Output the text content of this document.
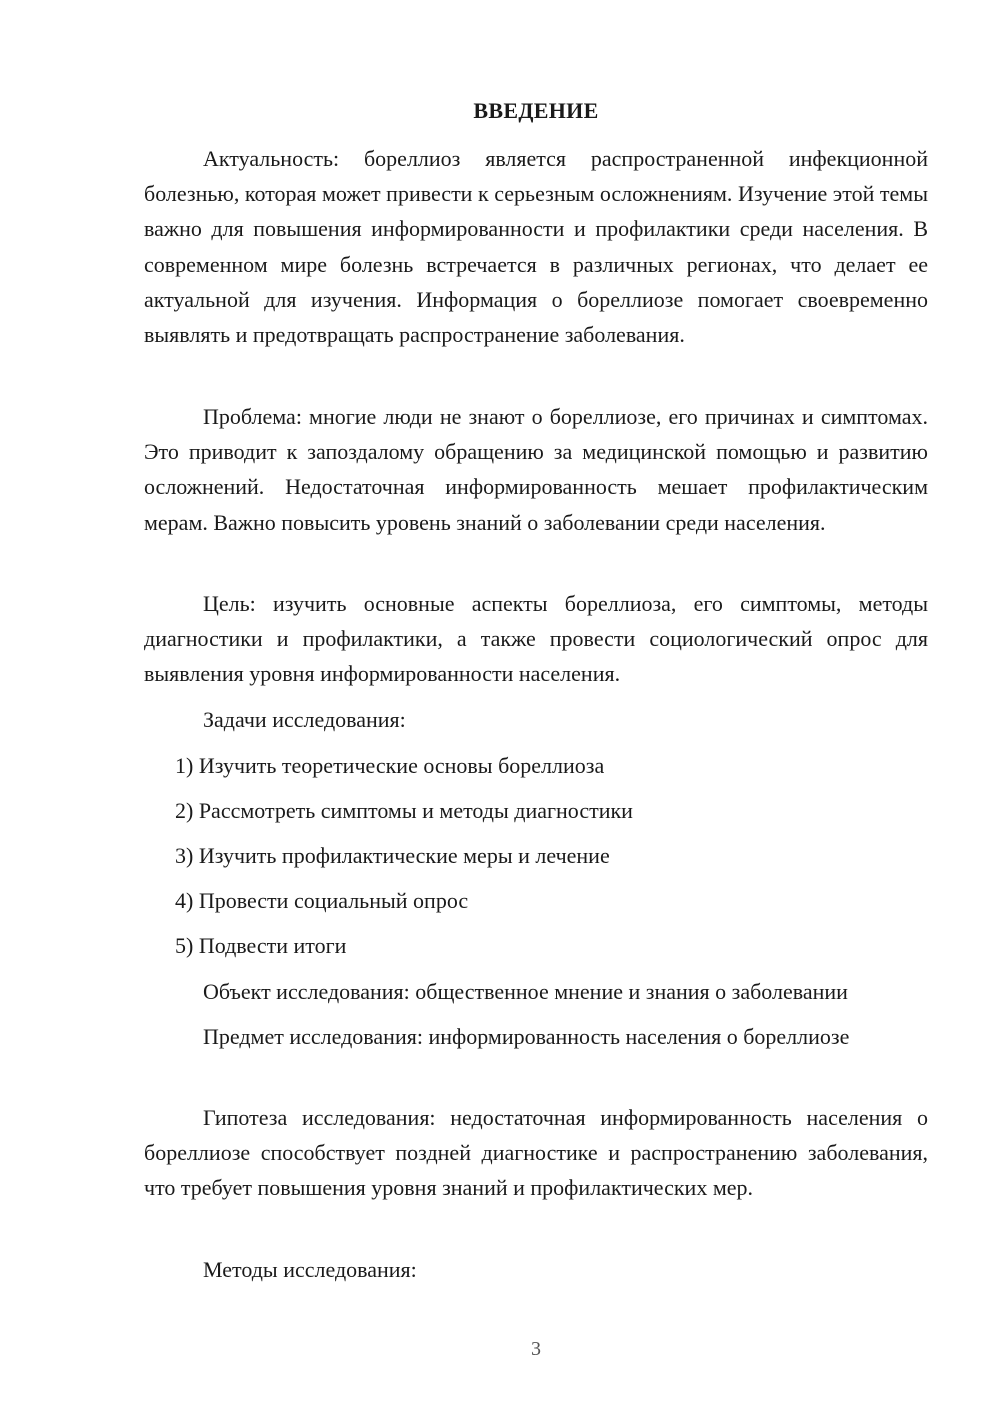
ВВЕДЕНИЕ

Актуальность: бореллиоз является распространенной инфекционной болезнью, которая может привести к серьезным осложнениям. Изучение этой темы важно для повышения информированности и профилактики среди населения. В современном мире болезнь встречается в различных регионах, что делает ее актуальной для изучения. Информация о бореллиозе помогает своевременно выявлять и предотвращать распространение заболевания.

Проблема: многие люди не знают о бореллиозе, его причинах и симптомах. Это приводит к запоздалому обращению за медицинской помощью и развитию осложнений. Недостаточная информированность мешает профилактическим мерам. Важно повысить уровень знаний о заболевании среди населения.

Цель: изучить основные аспекты бореллиоза, его симптомы, методы диагностики и профилактики, а также провести социологический опрос для выявления уровня информированности населения.

Задачи исследования:

1) Изучить теоретические основы бореллиоза

2) Рассмотреть симптомы и методы диагностики

3) Изучить профилактические меры и лечение

4) Провести социальный опрос

5) Подвести итоги

Объект исследования: общественное мнение и знания о заболевании

Предмет исследования: информированность населения о бореллиозе

Гипотеза исследования: недостаточная информированность населения о бореллиозе способствует поздней диагностике и распространению заболевания, что требует повышения уровня знаний и профилактических мер.

Методы исследования:

3
